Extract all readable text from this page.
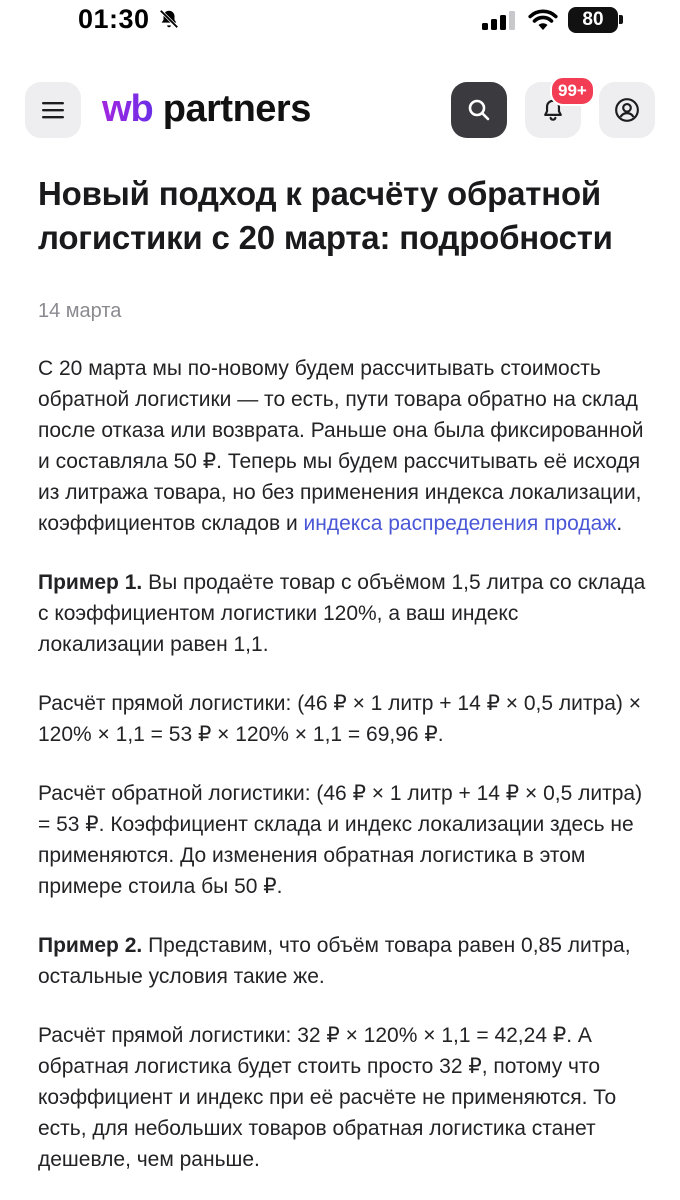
01:30	80
wb partners	99+
Новый подход к расчёту обратной логистики с 20 марта: подробности
14 марта

С 20 марта мы по-новому будем рассчитывать стоимость обратной логистики — то есть, пути товара обратно на склад после отказа или возврата. Раньше она была фиксированной и составляла 50 ₽. Теперь мы будем рассчитывать её исходя из литража товара, но без применения индекса локализации, коэффициентов складов и индекса распределения продаж.

Пример 1. Вы продаёте товар с объёмом 1,5 литра со склада с коэффициентом логистики 120%, а ваш индекс локализации равен 1,1.

Расчёт прямой логистики: (46 ₽ × 1 литр + 14 ₽ × 0,5 литра) × 120% × 1,1 = 53 ₽ × 120% × 1,1 = 69,96 ₽.

Расчёт обратной логистики: (46 ₽ × 1 литр + 14 ₽ × 0,5 литра) = 53 ₽. Коэффициент склада и индекс локализации здесь не применяются. До изменения обратная логистика в этом примере стоила бы 50 ₽.

Пример 2. Представим, что объём товара равен 0,85 литра, остальные условия такие же.

Расчёт прямой логистики: 32 ₽ × 120% × 1,1 = 42,24 ₽. А обратная логистика будет стоить просто 32 ₽, потому что коэффициент и индекс при её расчёте не применяются. То есть, для небольших товаров обратная логистика станет дешевле, чем раньше.
